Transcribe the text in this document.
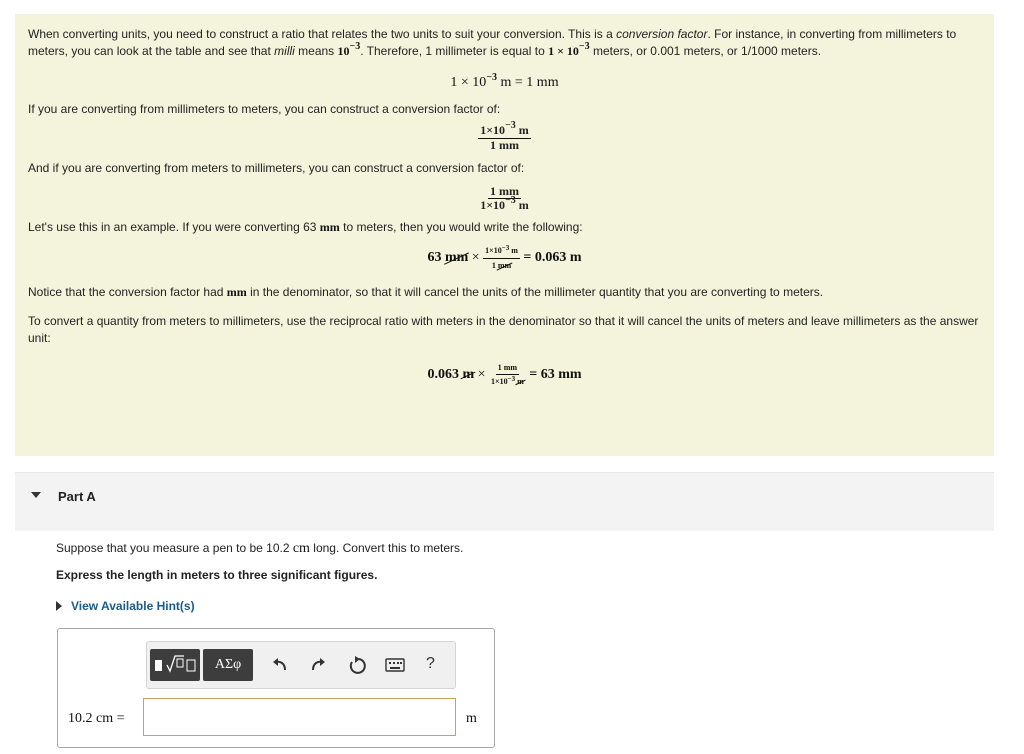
When converting units, you need to construct a ratio that relates the two units to suit your conversion. This is a conversion factor. For instance, in converting from millimeters to meters, you can look at the table and see that milli means $10^{-3}$. Therefore, 1 millimeter is equal to $1 \times 10^{-3}$ meters, or 0.001 meters, or 1/1000 meters.

$1 \times 10^{-3}$ m = 1 mm

If you are converting from millimeters to meters, you can construct a conversion factor of:

$\frac{1\times 10^{-3} m}{1 mm}$

And if you are converting from meters to millimeters, you can construct a conversion factor of:

$\frac{1 mm}{1\times 10^{-3} m}$

Let's use this in an example. If you were converting 63 mm to meters, then you would write the following:

63 mm × $\frac{1\times 10-3 m}{1 mm} = 0.063$ m

Notice that the conversion factor had mm in the denominator, so that it will cancel the units of the millimeter quantity that you are converting to meters.

To convert a quantity from meters to millimeters, use the reciprocal ratio with meters in the denominator so that it will cancel the units of meters and leave millimeters as the answer unit:

0.063 $m \times \frac{1 mm}{1\times 10-3 m} = 63$ mm
Part A
Suppose that you measure a pen to be 10.2 cm long. Convert this to meters.
Express the length in meters to three significant figures.
View Available Hint(s)
ΑΣφ	?
10.2 cm =	m
